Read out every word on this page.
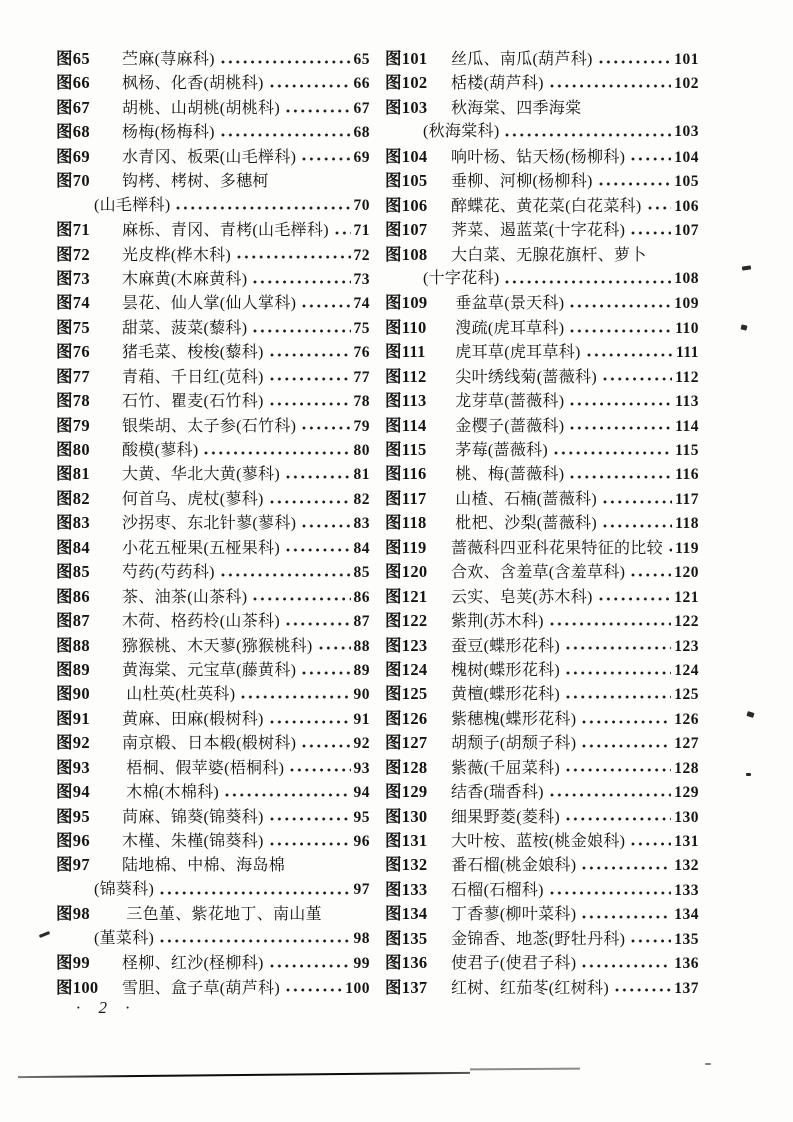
图65	苎麻(荨麻科)	65
图66	枫杨、化香(胡桃科)	66
图67	胡桃、山胡桃(胡桃科)	67
图68	杨梅(杨梅科)	68
图69	水青冈、板栗(山毛榉科)	69
图70	钩栲、栲树、多穗柯
(山毛榉科)	70
图71	麻栎、青冈、青栲(山毛榉科) 71
图72	光皮桦(桦木科)	72
图73	木麻黄(木麻黄科)	73
图74	昙花、仙人掌(仙人掌科)	74
图75	甜菜、菠菜(藜科)	75
图76	猪毛菜、梭梭(藜科)	76
图77	青葙、千日红(苋科)	77
图78	石竹、瞿麦(石竹科)	78
图79	银柴胡、太子参(石竹科)	79
图80	酸模(蓼科)	80
图81	大黄、华北大黄(蓼科)	81
图82	何首乌、虎杖(蓼科)	82
图83	沙拐枣、东北针蓼(蓼科)	83
图84	小花五桠果(五桠果科)	84
图85	芍药(芍药科)	85
图86	茶、油茶(山茶科)	86
图87	木荷、格药柃(山茶科)	87
图88	猕猴桃、木天蓼(猕猴桃科)	88
图89	黄海棠、元宝草(藤黄科)	89
图90	山杜英(杜英科)	90
图91	黄麻、田麻(椴树科)	91
图92	南京椴、日本椴(椴树科)	92
图93	梧桐、假苹婆(梧桐科)	93
图94	木棉(木棉科)	94
图95	苘麻、锦葵(锦葵科)	95
图96	木槿、朱槿(锦葵科)	96
图97	陆地棉、中棉、海岛棉
(锦葵科)	97
图98	三色堇、紫花地丁、南山堇
(堇菜科)	98
图99	柽柳、红沙(柽柳科)	99
图100	雪胆、盒子草(葫芦科)	100
图101	丝瓜、南瓜(葫芦科)	101
图102	栝楼(葫芦科)	102
图103	秋海棠、四季海棠
(秋海棠科)	103
图104	响叶杨、钻天杨(杨柳科)	104
图105	垂柳、河柳(杨柳科)	105
图106	醉蝶花、黄花菜(白花菜科) 106
图107	荠菜、遏蓝菜(十字花科)	107
图108	大白菜、无腺花旗杆、萝卜
(十字花科)	108
图109	垂盆草(景天科)	109
图110	溲疏(虎耳草科)	110
图111	虎耳草(虎耳草科)	111
图112	尖叶绣线菊(蔷薇科)	112
图113	龙芽草(蔷薇科)	113
图114	金樱子(蔷薇科)	114
图115	茅莓(蔷薇科)	115
图116	桃、梅(蔷薇科)	116
图117	山楂、石楠(蔷薇科)	117
图118	枇杷、沙梨(蔷薇科)	118
图119	蔷薇科四亚科花果特征的比较 119
图120	合欢、含羞草(含羞草科)	120
图121	云实、皂荚(苏木科)	121
图122	紫荆(苏木科)	122
图123	蚕豆(蝶形花科)	123
图124	槐树(蝶形花科)	124
图125	黄檀(蝶形花科)	125
图126	紫穗槐(蝶形花科)	126
图127	胡颓子(胡颓子科)	127
图128	紫薇(千屈菜科)	128
图129	结香(瑞香科)	129
图130	细果野菱(菱科)	130
图131	大叶桉、蓝桉(桃金娘科)	131
图132	番石榴(桃金娘科)	132
图133	石榴(石榴科)	133
图134	丁香蓼(柳叶菜科)	134
图135	金锦香、地菍(野牡丹科)	135
图136	使君子(使君子科)	136
图137	红树、红茄苳(红树科)	137
· 2 ·
